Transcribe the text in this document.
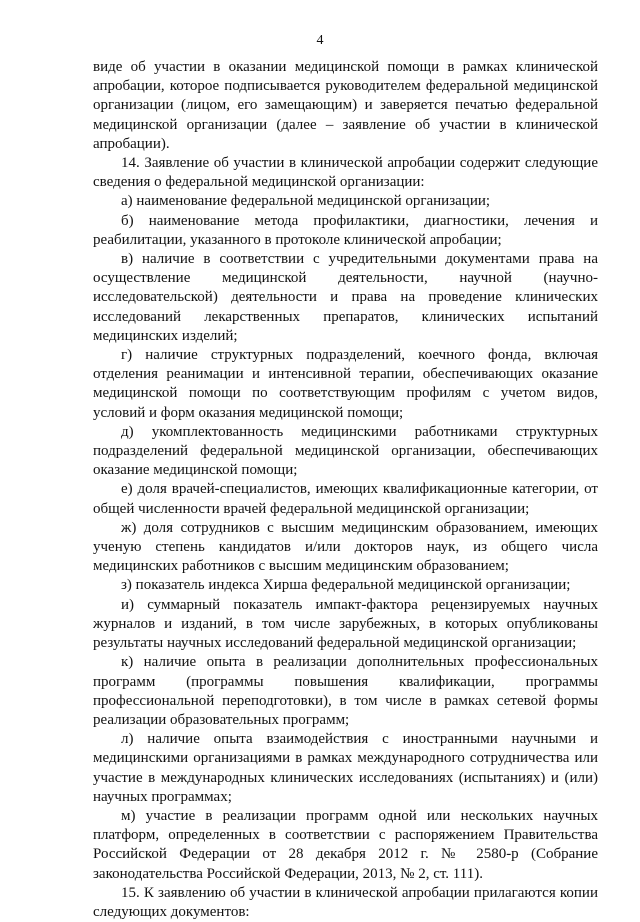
4

виде об участии в оказании медицинской помощи в рамках клинической апробации, которое подписывается руководителем федеральной медицинской организации (лицом, его замещающим) и заверяется печатью федеральной медицинской организации (далее – заявление об участии в клинической апробации).

14. Заявление об участии в клинической апробации содержит следующие сведения о федеральной медицинской организации:

а) наименование федеральной медицинской организации;

б) наименование метода профилактики, диагностики, лечения и реабилитации, указанного в протоколе клинической апробации;

в) наличие в соответствии с учредительными документами права на осуществление медицинской деятельности, научной (научно-исследовательской) деятельности и права на проведение клинических исследований лекарственных препаратов, клинических испытаний медицинских изделий;

г) наличие структурных подразделений, коечного фонда, включая отделения реанимации и интенсивной терапии, обеспечивающих оказание медицинской помощи по соответствующим профилям с учетом видов, условий и форм оказания медицинской помощи;

д) укомплектованность медицинскими работниками структурных подразделений федеральной медицинской организации, обеспечивающих оказание медицинской помощи;

е) доля врачей-специалистов, имеющих квалификационные категории, от общей численности врачей федеральной медицинской организации;

ж) доля сотрудников с высшим медицинским образованием, имеющих ученую степень кандидатов и/или докторов наук, из общего числа медицинских работников с высшим медицинским образованием;

з) показатель индекса Хирша федеральной медицинской организации;

и) суммарный показатель импакт-фактора рецензируемых научных журналов и изданий, в том числе зарубежных, в которых опубликованы результаты научных исследований федеральной медицинской организации;

к) наличие опыта в реализации дополнительных профессиональных программ (программы повышения квалификации, программы профессиональной переподготовки), в том числе в рамках сетевой формы реализации образовательных программ;

л) наличие опыта взаимодействия с иностранными научными и медицинскими организациями в рамках международного сотрудничества или участие в международных клинических исследованиях (испытаниях) и (или) научных программах;

м) участие в реализации программ одной или нескольких научных платформ, определенных в соответствии с распоряжением Правительства Российской Федерации от 28 декабря 2012 г. № 2580-р (Собрание законодательства Российской Федерации, 2013, № 2, ст. 111).

15. К заявлению об участии в клинической апробации прилагаются копии следующих документов:
